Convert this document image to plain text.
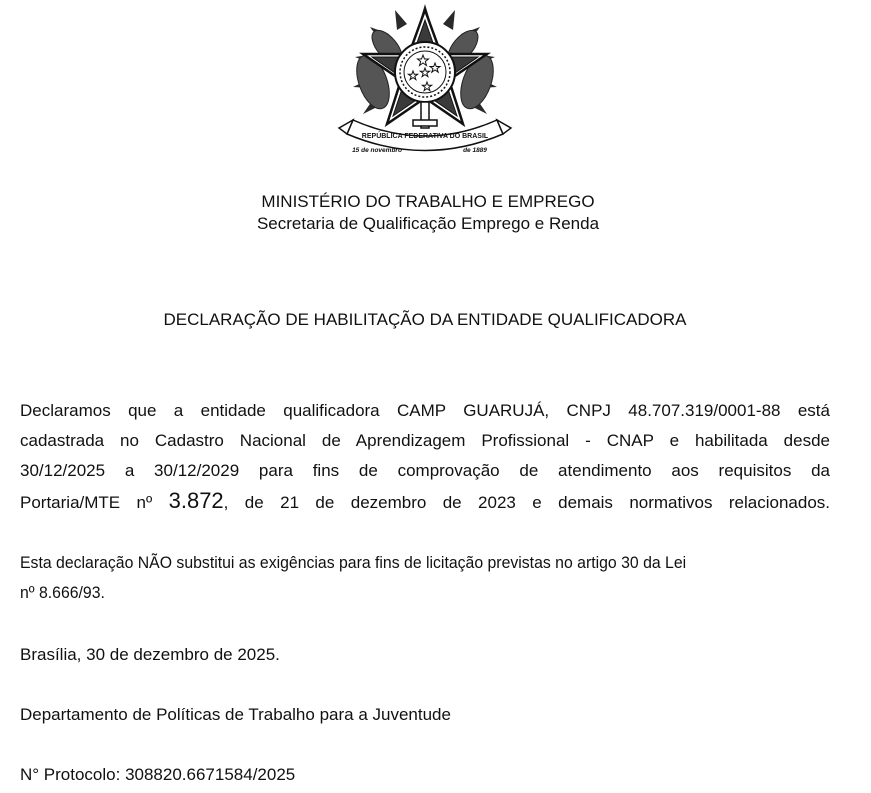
REPÚBLICA FEDERATIVA DO BRASIL
15 de novembro	de 1889
MINISTÉRIO DO TRABALHO E EMPREGO
Secretaria de Qualificação Emprego e Renda
DECLARAÇÃO DE HABILITAÇÃO DA ENTIDADE QUALIFICADORA
Declaramos que a entidade qualificadora CAMP GUARUJÁ, CNPJ 48.707.319/0001-88 está
cadastrada no Cadastro Nacional de Aprendizagem Profissional - CNAP e habilitada desde
30/12/2025 a 30/12/2029 para fins de comprovação de atendimento aos requisitos da
Portaria/MTE nº 3.872, de 21 de dezembro de 2023 e demais normativos relacionados.
Esta declaração NÃO substitui as exigências para fins de licitação previstas no artigo 30 da Lei
nº 8.666/93.
Brasília, 30 de dezembro de 2025.
Departamento de Políticas de Trabalho para a Juventude
N° Protocolo: 308820.6671584/2025
